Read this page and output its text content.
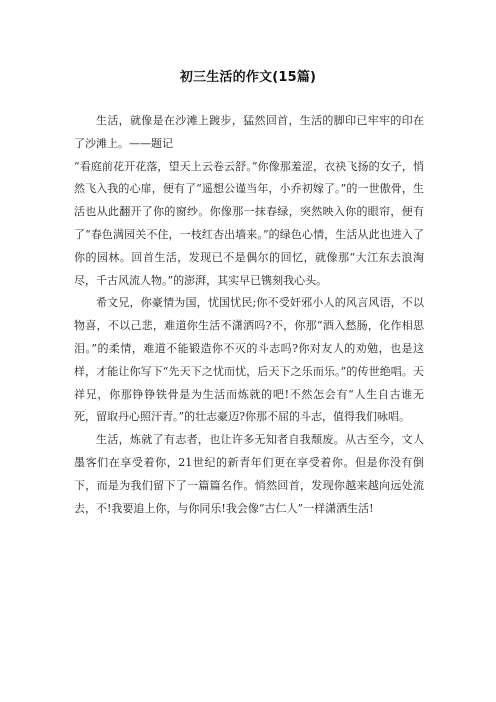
初三生活的作文(15篇)

生活，就像是在沙滩上踱步，猛然回首，生活的脚印已牢牢的印在了沙滩上。——题记

“看庭前花开花落，望天上云卷云舒。”你像那羞涩，衣袂飞扬的女子，悄然飞入我的心扉，便有了“遥想公谨当年，小乔初嫁了。”的一世傲骨，生活也从此翻开了你的窗纱。你像那一抹春绿，突然映入你的眼帘，便有了“春色满园关不住，一枝红杏出墙来。”的绿色心情，生活从此也进入了你的园林。回首生活，发现已不是偶尔的回忆，就像那“大江东去浪淘尽，千古风流人物。”的澎湃，其实早已镌刻我心头。

希文兄，你豪情为国，忧国忧民;你不受奸邪小人的风言风语，不以物喜，不以己悲，难道你生活不潇洒吗?不，你那“酒入愁肠，化作相思泪。”的柔情，难道不能锻造你不灭的斗志吗?你对友人的劝勉，也是这样，才能让你写下“先天下之忧而忧，后天下之乐而乐。”的传世绝唱。天祥兄，你那铮铮铁骨是为生活而炼就的吧!不然怎会有“人生自古谁无死，留取丹心照汗青。”的壮志豪迈?你那不屈的斗志，值得我们咏唱。

生活，炼就了有志者，也让许多无知者自我颓废。从古至今，文人墨客们在享受着你，21世纪的新青年们更在享受着你。但是你没有倒下，而是为我们留下了一篇篇名作。悄然回首，发现你越来越向远处流去，不!我要追上你，与你同乐!我会像“古仁人”一样潇洒生活!
